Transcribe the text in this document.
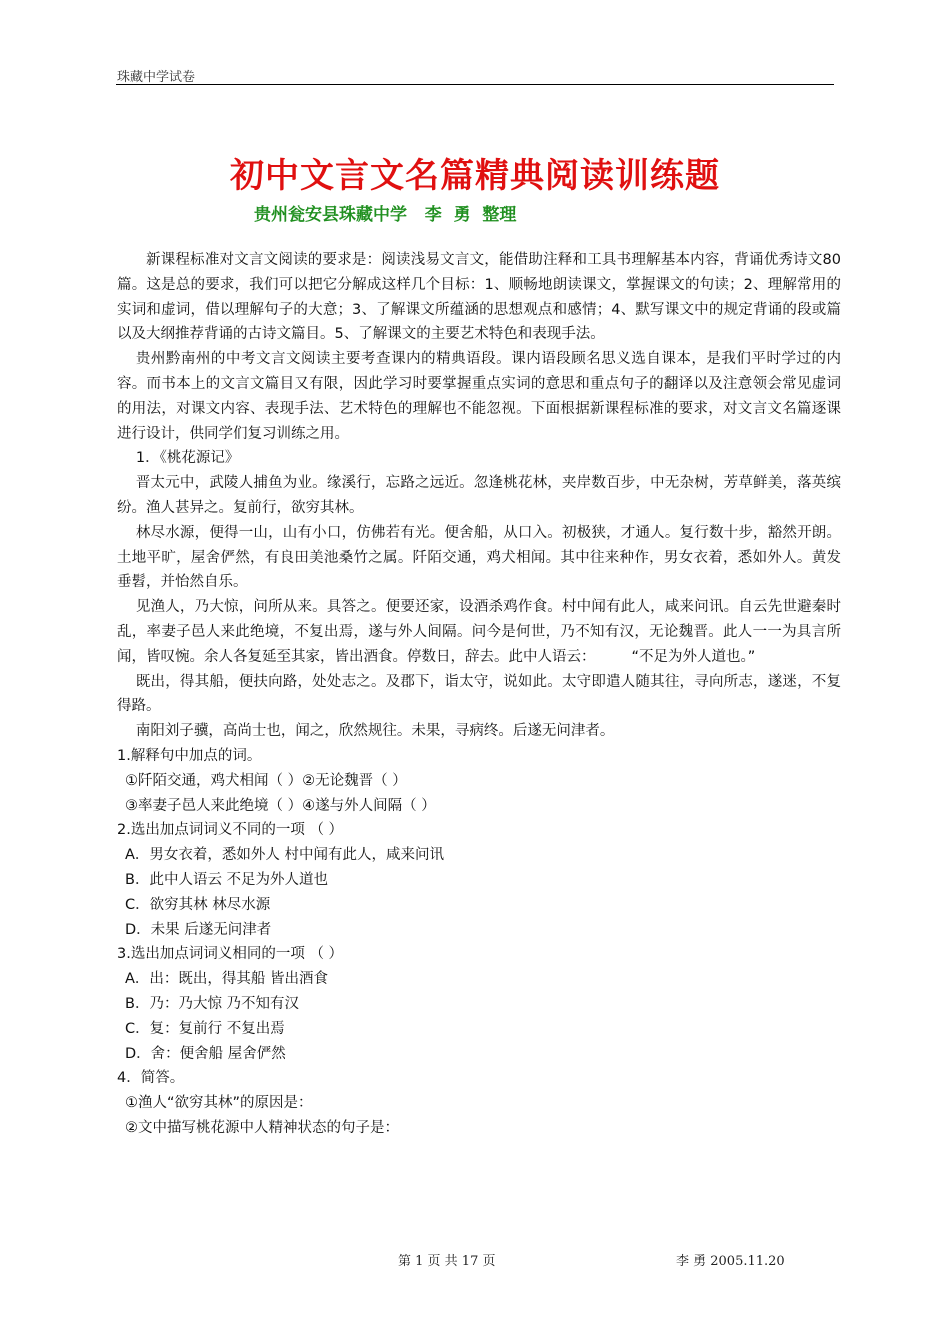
珠藏中学试卷
初中文言文名篇精典阅读训练题
贵州瓮安县珠藏中学   李  勇  整理

新课程标准对文言文阅读的要求是：阅读浅易文言文，能借助注释和工具书理解基本内容，背诵优秀诗文80篇。这是总的要求，我们可以把它分解成这样几个目标：1、顺畅地朗读课文，掌握课文的句读；2、理解常用的实词和虚词，借以理解句子的大意；3、了解课文所蕴涵的思想观点和感情；4、默写课文中的规定背诵的段或篇以及大纲推荐背诵的古诗文篇目。5、了解课文的主要艺术特色和表现手法。

贵州黔南州的中考文言文阅读主要考查课内的精典语段。课内语段顾名思义选自课本，是我们平时学过的内容。而书本上的文言文篇目又有限，因此学习时要掌握重点实词的意思和重点句子的翻译以及注意领会常见虚词的用法，对课文内容、表现手法、艺术特色的理解也不能忽视。下面根据新课程标准的要求，对文言文名篇逐课进行设计，供同学们复习训练之用。

1．《桃花源记》

晋太元中，武陵人捕鱼为业。缘溪行，忘路之远近。忽逢桃花林，夹岸数百步，中无杂树，芳草鲜美，落英缤纷。渔人甚异之。复前行，欲穷其林。

林尽水源，便得一山，山有小口，仿佛若有光。便舍船，从口入。初极狭，才通人。复行数十步，豁然开朗。土地平旷，屋舍俨然，有良田美池桑竹之属。阡陌交通，鸡犬相闻。其中往来种作，男女衣着，悉如外人。黄发垂髫，并怡然自乐。

见渔人，乃大惊，问所从来。具答之。便要还家，设酒杀鸡作食。村中闻有此人，咸来问讯。自云先世避秦时乱，率妻子邑人来此绝境，不复出焉，遂与外人间隔。问今是何世，乃不知有汉，无论魏晋。此人一一为具言所闻，皆叹惋。余人各复延至其家，皆出酒食。停数日，辞去。此中人语云： “不足为外人道也。”

既出，得其船，便扶向路，处处志之。及郡下，诣太守，说如此。太守即遣人随其往，寻向所志，遂迷，不复得路。

南阳刘子骥，高尚士也，闻之，欣然规往。未果，寻病终。后遂无问津者。

1.解释句中加点的词。

①阡陌交通，鸡犬相闻（ ）②无论魏晋（ ）

③率妻子邑人来此绝境（ ）④遂与外人间隔（ ）

2.选出加点词词义不同的一项 （ ）

A．男女衣着，悉如外人 村中闻有此人，咸来问讯

B．此中人语云 不足为外人道也

C．欲穷其林 林尽水源

D．未果 后遂无问津者

3.选出加点词词义相同的一项 （ ）

A．出：既出，得其船 皆出酒食

B．乃：乃大惊 乃不知有汉

C．复：复前行 不复出焉

D．舍：便舍船 屋舍俨然

4．简答。

①渔人“欲穷其林”的原因是：

②文中描写桃花源中人精神状态的句子是：

第 1 页 共 17 页	李 勇 2005.11.20
